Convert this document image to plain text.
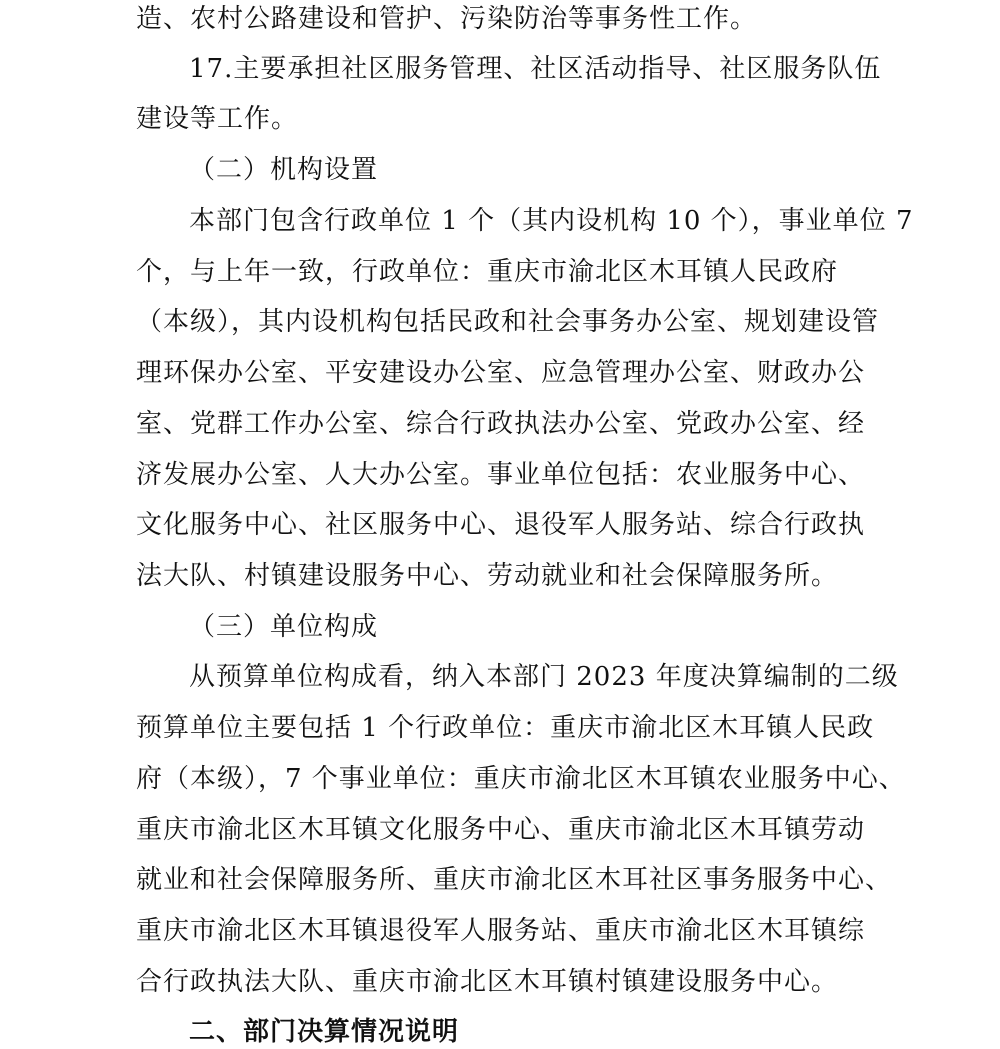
造、农村公路建设和管护、污染防治等事务性工作。
17.主要承担社区服务管理、社区活动指导、社区服务队伍
建设等工作。
（二）机构设置
本部门包含行政单位 1 个（其内设机构 10 个），事业单位 7
个，与上年一致，行政单位：重庆市渝北区木耳镇人民政府
（本级），其内设机构包括民政和社会事务办公室、规划建设管
理环保办公室、平安建设办公室、应急管理办公室、财政办公
室、党群工作办公室、综合行政执法办公室、党政办公室、经
济发展办公室、人大办公室。事业单位包括：农业服务中心、
文化服务中心、社区服务中心、退役军人服务站、综合行政执
法大队、村镇建设服务中心、劳动就业和社会保障服务所。
（三）单位构成
从预算单位构成看，纳入本部门 2023 年度决算编制的二级
预算单位主要包括 1 个行政单位：重庆市渝北区木耳镇人民政
府（本级），7 个事业单位：重庆市渝北区木耳镇农业服务中心、
重庆市渝北区木耳镇文化服务中心、重庆市渝北区木耳镇劳动
就业和社会保障服务所、重庆市渝北区木耳社区事务服务中心、
重庆市渝北区木耳镇退役军人服务站、重庆市渝北区木耳镇综
合行政执法大队、重庆市渝北区木耳镇村镇建设服务中心。
二、部门决算情况说明
